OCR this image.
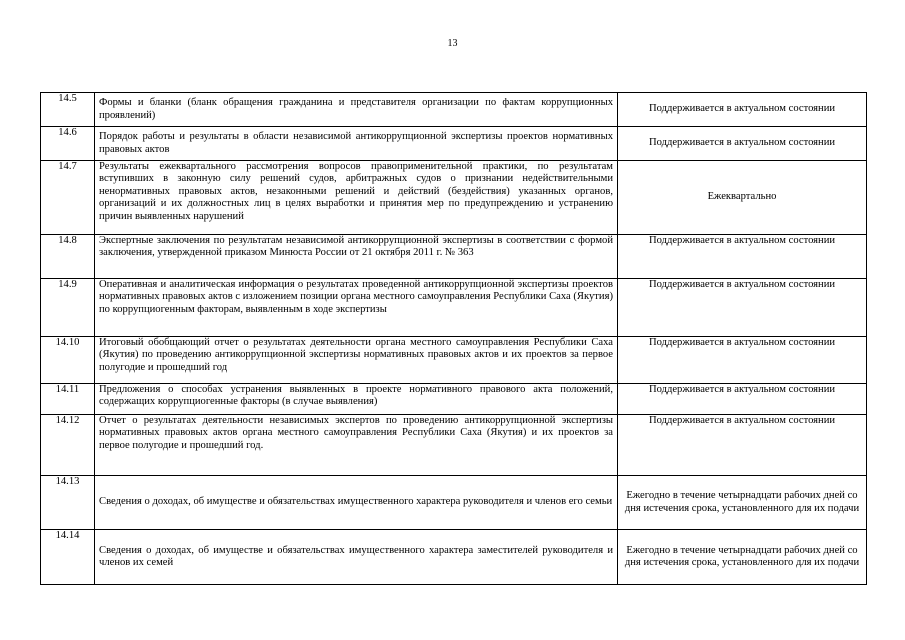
13
14.5	Формы и бланки (бланк обращения гражданина и представителя организации по фактам коррупционных проявлений)	Поддерживается в актуальном состоянии
14.6	Порядок работы и результаты в области независимой антикоррупционной экспертизы проектов нормативных правовых актов	Поддерживается в актуальном состоянии
14.7	Результаты ежеквартального рассмотрения вопросов правоприменительной практики, по результатам вступивших в законную силу решений судов, арбитражных судов о признании недействительными ненормативных правовых актов, незаконными решений и действий (бездействия) указанных органов, организаций и их должностных лиц в целях выработки и принятия мер по предупреждению и устранению причин выявленных нарушений	Ежеквартально
14.8	Экспертные заключения по результатам независимой антикоррупционной экспертизы в соответствии с формой заключения, утвержденной приказом Минюста России от 21 октября 2011 г. № 363	Поддерживается в актуальном состоянии
14.9	Оперативная и аналитическая информация о результатах проведенной антикоррупционной экспертизы проектов нормативных правовых актов с изложением позиции органа местного самоуправления Республики Саха (Якутия) по коррупциогенным факторам, выявленным в ходе экспертизы	Поддерживается в актуальном состоянии
14.10	Итоговый обобщающий отчет о результатах деятельности органа местного самоуправления Республики Саха (Якутия) по проведению антикоррупционной экспертизы нормативных правовых актов и их проектов за первое полугодие и прошедший год	Поддерживается в актуальном состоянии
14.11	Предложения о способах устранения выявленных в проекте нормативного правового акта положений, содержащих коррупциогенные факторы (в случае выявления)	Поддерживается в актуальном состоянии
14.12	Отчет о результатах деятельности независимых экспертов по проведению антикоррупционной экспертизы нормативных правовых актов органа местного самоуправления Республики Саха (Якутия) и их проектов за первое полугодие и прошедший год.	Поддерживается в актуальном состоянии
14.13	Сведения о доходах, об имуществе и обязательствах имущественного характера руководителя и членов его семьи	Ежегодно в течение четырнадцати рабочих дней со дня истечения срока, установленного для их подачи
14.14	Сведения о доходах, об имуществе и обязательствах имущественного характера заместителей руководителя и членов их семей	Ежегодно в течение четырнадцати рабочих дней со дня истечения срока, установленного для их подачи
